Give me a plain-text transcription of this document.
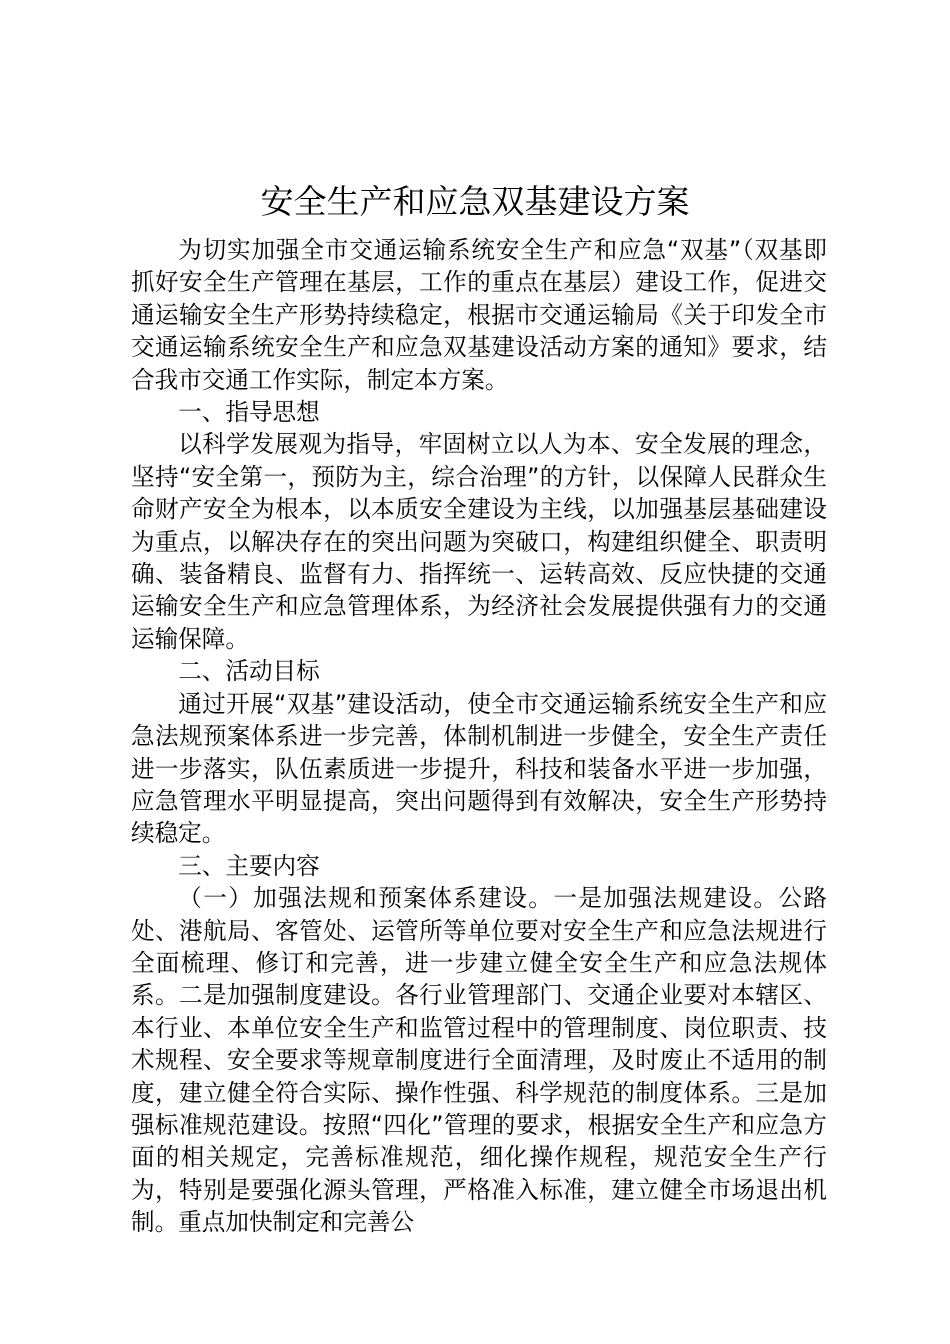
安全生产和应急双基建设方案

为切实加强全市交通运输系统安全生产和应急“双基”（双基即抓好安全生产管理在基层，工作的重点在基层）建设工作，促进交通运输安全生产形势持续稳定，根据市交通运输局《关于印发全市交通运输系统安全生产和应急双基建设活动方案的通知》要求，结合我市交通工作实际，制定本方案。

一、指导思想

以科学发展观为指导，牢固树立以人为本、安全发展的理念，坚持“安全第一，预防为主，综合治理”的方针，以保障人民群众生命财产安全为根本，以本质安全建设为主线，以加强基层基础建设为重点，以解决存在的突出问题为突破口，构建组织健全、职责明确、装备精良、监督有力、指挥统一、运转高效、反应快捷的交通运输安全生产和应急管理体系，为经济社会发展提供强有力的交通运输保障。

二、活动目标

通过开展“双基”建设活动，使全市交通运输系统安全生产和应急法规预案体系进一步完善，体制机制进一步健全，安全生产责任进一步落实，队伍素质进一步提升，科技和装备水平进一步加强，应急管理水平明显提高，突出问题得到有效解决，安全生产形势持续稳定。

三、主要内容

（一）加强法规和预案体系建设。一是加强法规建设。公路处、港航局、客管处、运管所等单位要对安全生产和应急法规进行全面梳理、修订和完善，进一步建立健全安全生产和应急法规体系。二是加强制度建设。各行业管理部门、交通企业要对本辖区、本行业、本单位安全生产和监管过程中的管理制度、岗位职责、技术规程、安全要求等规章制度进行全面清理，及时废止不适用的制度，建立健全符合实际、操作性强、科学规范的制度体系。三是加强标准规范建设。按照“四化”管理的要求，根据安全生产和应急方面的相关规定，完善标准规范，细化操作规程，规范安全生产行为，特别是要强化源头管理，严格准入标准，建立健全市场退出机制。重点加快制定和完善公
